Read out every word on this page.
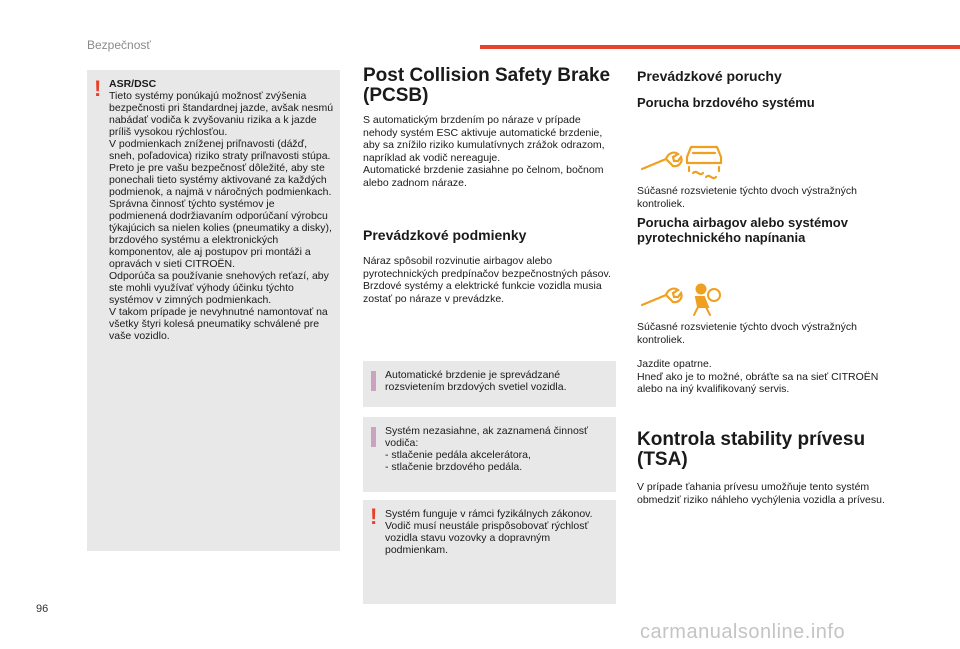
Bezpečnosť
! ASR/DSC
Tieto systémy ponúkajú možnosť zvýšenia bezpečnosti pri štandardnej jazde, avšak nesmú nabádať vodiča k zvyšovaniu rizika a k jazde príliš vysokou rýchlosťou.
V podmienkach zníženej priľnavosti (dážď, sneh, poľadovica) riziko straty priľnavosti stúpa. Preto je pre vašu bezpečnosť dôležité, aby ste ponechali tieto systémy aktivované za každých podmienok, a najmä v náročných podmienkach.
Správna činnosť týchto systémov je podmienená dodržiavaním odporúčaní výrobcu týkajúcich sa nielen kolies (pneumatiky a disky), brzdového systému a elektronických komponentov, ale aj postupov pri montáži a opravách v sieti CITROËN.
Odporúča sa používanie snehových reťazí, aby ste mohli využívať výhody účinku týchto systémov v zimných podmienkach.
V takom prípade je nevyhnutné namontovať na všetky štyri kolesá pneumatiky schválené pre vaše vozidlo.
Post Collision Safety Brake (PCSB)
S automatickým brzdením po náraze v prípade nehody systém ESC aktivuje automatické brzdenie, aby sa znížilo riziko kumulatívnych zrážok odrazom, napríklad ak vodič nereaguje.
Automatické brzdenie zasiahne po čelnom, bočnom alebo zadnom náraze.
Prevádzkové podmienky
Náraz spôsobil rozvinutie airbagov alebo pyrotechnických predpínačov bezpečnostných pásov.
Brzdové systémy a elektrické funkcie vozidla musia zostať po náraze v prevádzke.
Automatické brzdenie je sprevádzané rozsvietením brzdových svetiel vozidla.
Systém nezasiahne, ak zaznamená činnosť vodiča:
- stlačenie pedála akcelerátora,
- stlačenie brzdového pedála.
! Systém funguje v rámci fyzikálnych zákonov.
Vodič musí neustále prispôsobovať rýchlosť vozidla stavu vozovky a dopravným podmienkam.
Prevádzkové poruchy
Porucha brzdového systému
Súčasné rozsvietenie týchto dvoch výstražných kontroliek.
Porucha airbagov alebo systémov pyrotechnického napínania
Súčasné rozsvietenie týchto dvoch výstražných kontroliek.
Jazdite opatrne.
Hneď ako je to možné, obráťte sa na sieť CITROËN alebo na iný kvalifikovaný servis.
Kontrola stability prívesu (TSA)
V prípade ťahania prívesu umožňuje tento systém obmedziť riziko náhleho vychýlenia vozidla a prívesu.
96
carmanualsonline.info
